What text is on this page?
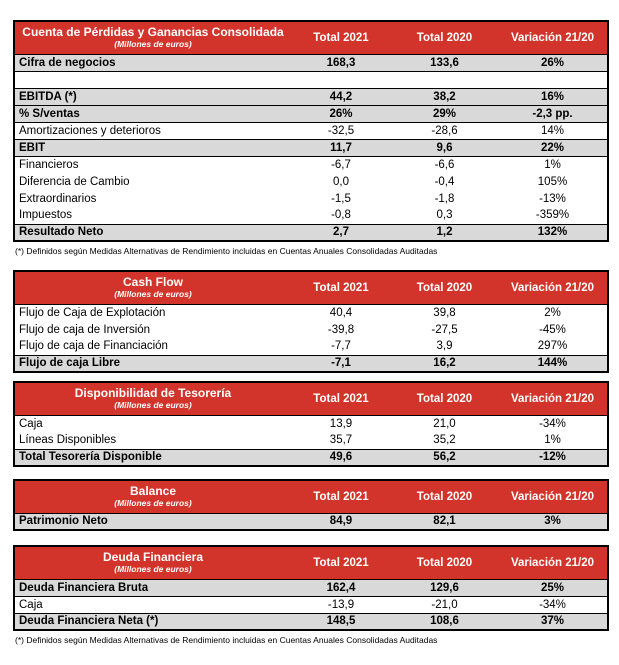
Cuenta de Pérdidas y Ganancias Consolidada
(Millones de euros)	Total 2021	Total 2020	Variación 21/20
Cifra de negocios	168,3	133,6	26%

EBITDA (*)	44,2	38,2	16%
% S/ventas	26%	29%	-2,3 pp.
Amortizaciones y deterioros	-32,5	-28,6	14%
EBIT	11,7	9,6	22%
Financieros	-6,7	-6,6	1%
Diferencia de Cambio	0,0	-0,4	105%
Extraordinarios	-1,5	-1,8	-13%
Impuestos	-0,8	0,3	-359%
Resultado Neto	2,7	1,2	132%
(*) Definidos según Medidas Alternativas de Rendimiento incluidas en Cuentas Anuales Consolidadas Auditadas
Cash Flow
(Millones de euros)	Total 2021	Total 2020	Variación 21/20
Flujo de Caja de Explotación	40,4	39,8	2%
Flujo de caja de Inversión	-39,8	-27,5	-45%
Flujo de caja de Financiación	-7,7	3,9	297%
Flujo de caja Libre	-7,1	16,2	144%
Disponibilidad de Tesorería
(Millones de euros)	Total 2021	Total 2020	Variación 21/20
Caja	13,9	21,0	-34%
Líneas Disponibles	35,7	35,2	1%
Total Tesorería Disponible	49,6	56,2	-12%
Balance
(Millones de euros)	Total 2021	Total 2020	Variación 21/20
Patrimonio Neto	84,9	82,1	3%
Deuda Financiera
(Millones de euros)	Total 2021	Total 2020	Variación 21/20
Deuda Financiera Bruta	162,4	129,6	25%
Caja	-13,9	-21,0	-34%
Deuda Financiera Neta (*)	148,5	108,6	37%
(*) Definidos según Medidas Alternativas de Rendimiento incluidas en Cuentas Anuales Consolidadas Auditadas
